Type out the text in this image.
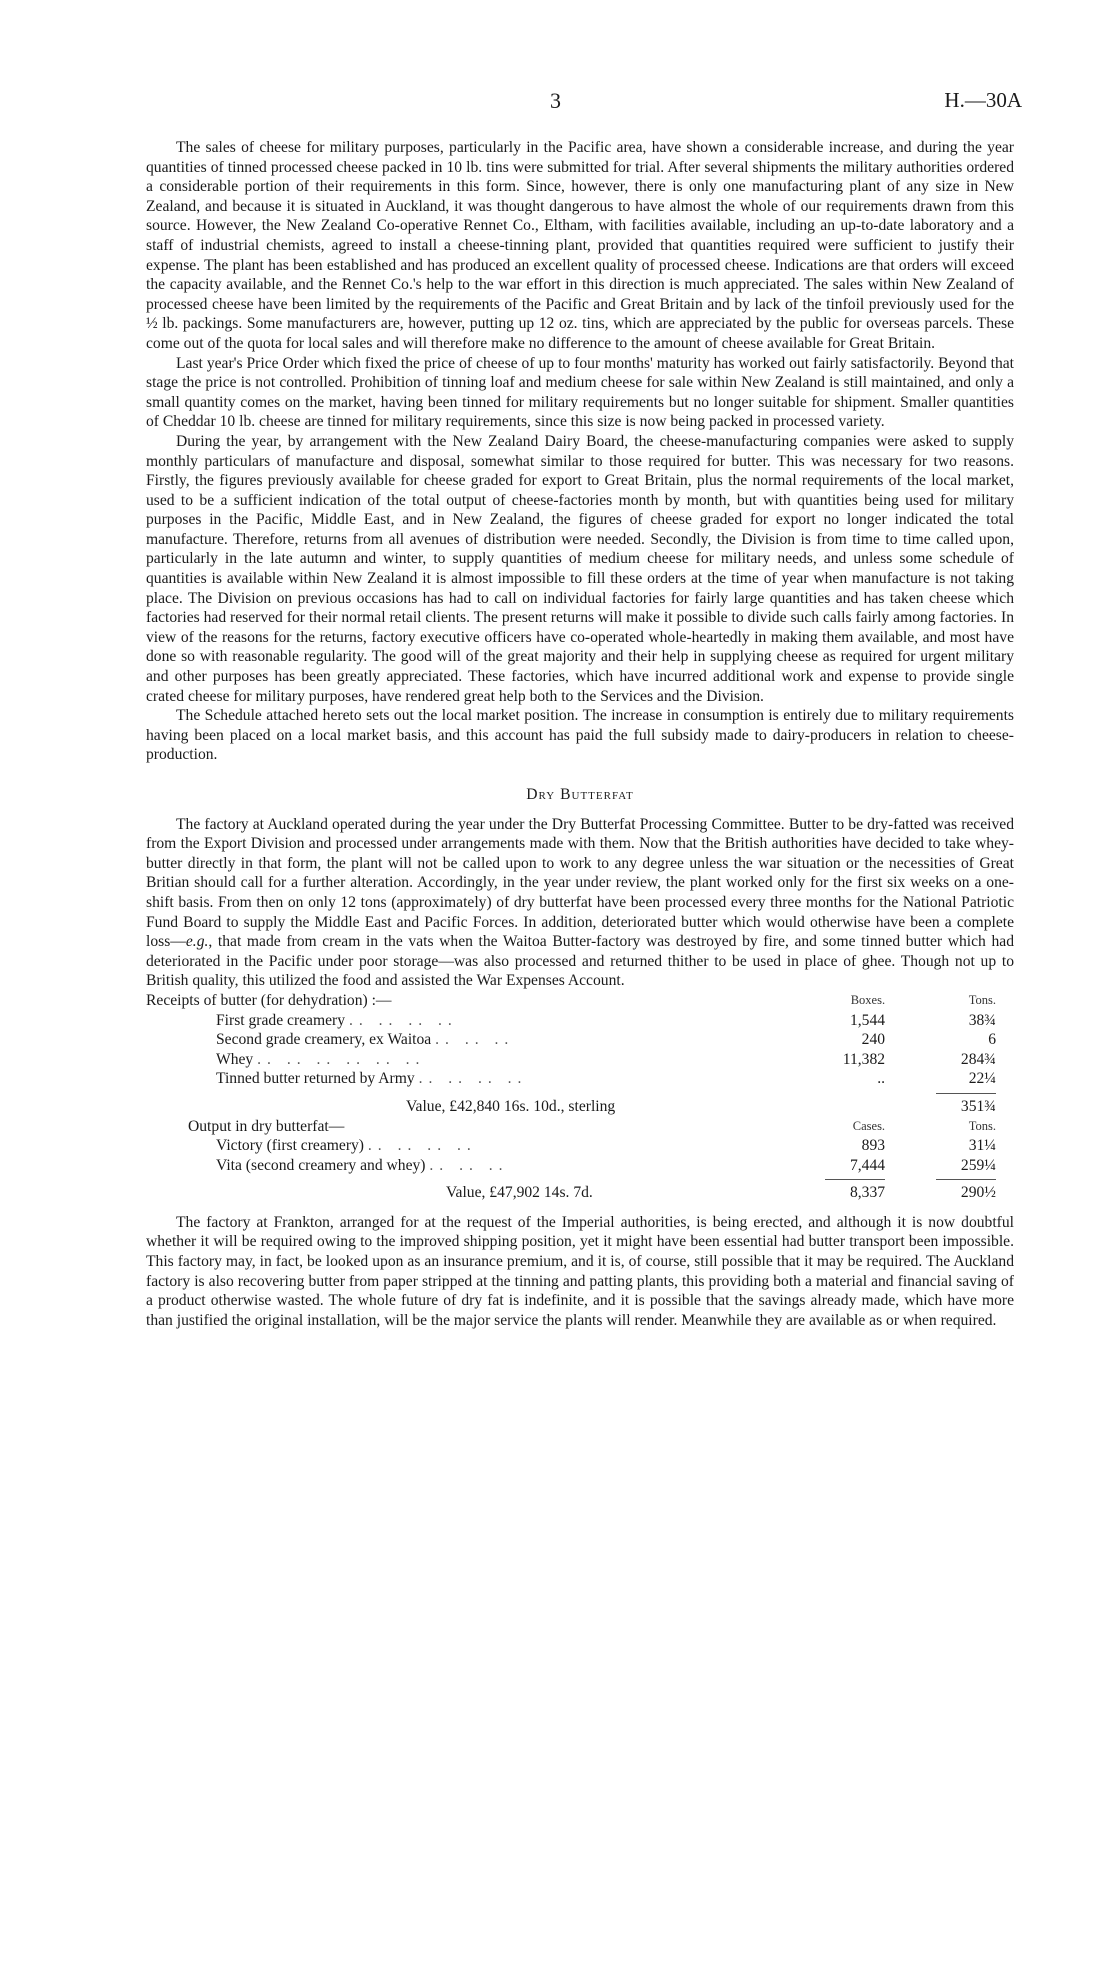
3	H.—30A

The sales of cheese for military purposes, particularly in the Pacific area, have shown a considerable increase, and during the year quantities of tinned processed cheese packed in 10 lb. tins were submitted for trial. After several shipments the military authorities ordered a considerable portion of their requirements in this form. Since, however, there is only one manufacturing plant of any size in New Zealand, and because it is situated in Auckland, it was thought dangerous to have almost the whole of our requirements drawn from this source. However, the New Zealand Co-operative Rennet Co., Eltham, with facilities available, including an up-to-date laboratory and a staff of industrial chemists, agreed to install a cheese-tinning plant, provided that quantities required were sufficient to justify their expense. The plant has been established and has produced an excellent quality of processed cheese. Indications are that orders will exceed the capacity available, and the Rennet Co.'s help to the war effort in this direction is much appreciated. The sales within New Zealand of processed cheese have been limited by the requirements of the Pacific and Great Britain and by lack of the tinfoil previously used for the ½ lb. packings. Some manufacturers are, however, putting up 12 oz. tins, which are appreciated by the public for overseas parcels. These come out of the quota for local sales and will therefore make no difference to the amount of cheese available for Great Britain.

Last year's Price Order which fixed the price of cheese of up to four months' maturity has worked out fairly satisfactorily. Beyond that stage the price is not controlled. Prohibition of tinning loaf and medium cheese for sale within New Zealand is still maintained, and only a small quantity comes on the market, having been tinned for military requirements but no longer suitable for shipment. Smaller quantities of Cheddar 10 lb. cheese are tinned for military requirements, since this size is now being packed in processed variety.

During the year, by arrangement with the New Zealand Dairy Board, the cheese-manufacturing companies were asked to supply monthly particulars of manufacture and disposal, somewhat similar to those required for butter. This was necessary for two reasons. Firstly, the figures previously available for cheese graded for export to Great Britain, plus the normal requirements of the local market, used to be a sufficient indication of the total output of cheese-factories month by month, but with quantities being used for military purposes in the Pacific, Middle East, and in New Zealand, the figures of cheese graded for export no longer indicated the total manufacture. Therefore, returns from all avenues of distribution were needed. Secondly, the Division is from time to time called upon, particularly in the late autumn and winter, to supply quantities of medium cheese for military needs, and unless some schedule of quantities is available within New Zealand it is almost impossible to fill these orders at the time of year when manufacture is not taking place. The Division on previous occasions has had to call on individual factories for fairly large quantities and has taken cheese which factories had reserved for their normal retail clients. The present returns will make it possible to divide such calls fairly among factories. In view of the reasons for the returns, factory executive officers have co-operated whole-heartedly in making them available, and most have done so with reasonable regularity. The good will of the great majority and their help in supplying cheese as required for urgent military and other purposes has been greatly appreciated. These factories, which have incurred additional work and expense to provide single crated cheese for military purposes, have rendered great help both to the Services and the Division.

The Schedule attached hereto sets out the local market position. The increase in consumption is entirely due to military requirements having been placed on a local market basis, and this account has paid the full subsidy made to dairy-producers in relation to cheese-production.

Dry Butterfat

The factory at Auckland operated during the year under the Dry Butterfat Processing Committee. Butter to be dry-fatted was received from the Export Division and processed under arrangements made with them. Now that the British authorities have decided to take whey-butter directly in that form, the plant will not be called upon to work to any degree unless the war situation or the necessities of Great Britian should call for a further alteration. Accordingly, in the year under review, the plant worked only for the first six weeks on a one-shift basis. From then on only 12 tons (approximately) of dry butterfat have been processed every three months for the National Patriotic Fund Board to supply the Middle East and Pacific Forces. In addition, deteriorated butter which would otherwise have been a complete loss—e.g., that made from cream in the vats when the Waitoa Butter-factory was destroyed by fire, and some tinned butter which had deteriorated in the Pacific under poor storage—was also processed and returned thither to be used in place of ghee. Though not up to British quality, this utilized the food and assisted the War Expenses Account.

Receipts of butter (for dehydration) :—	Boxes.	Tons.
First grade creamery .. .. .. ..	1,544	38¾
Second grade creamery, ex Waitoa .. .. ..	240	6
Whey .. .. .. .. .. ..	11,382	284¾
Tinned butter returned by Army .. .. .. ..	..	22¼

Value, £42,840 16s. 10d., sterling		351¾
Output in dry butterfat—	Cases.	Tons.
Victory (first creamery) .. .. .. ..	893	31¼
Vita (second creamery and whey) .. .. ..	7,444	259¼

Value, £47,902 14s. 7d.	8,337	290½

The factory at Frankton, arranged for at the request of the Imperial authorities, is being erected, and although it is now doubtful whether it will be required owing to the improved shipping position, yet it might have been essential had butter transport been impossible. This factory may, in fact, be looked upon as an insurance premium, and it is, of course, still possible that it may be required. The Auckland factory is also recovering butter from paper stripped at the tinning and patting plants, this providing both a material and financial saving of a product otherwise wasted. The whole future of dry fat is indefinite, and it is possible that the savings already made, which have more than justified the original installation, will be the major service the plants will render. Meanwhile they are available as or when required.
